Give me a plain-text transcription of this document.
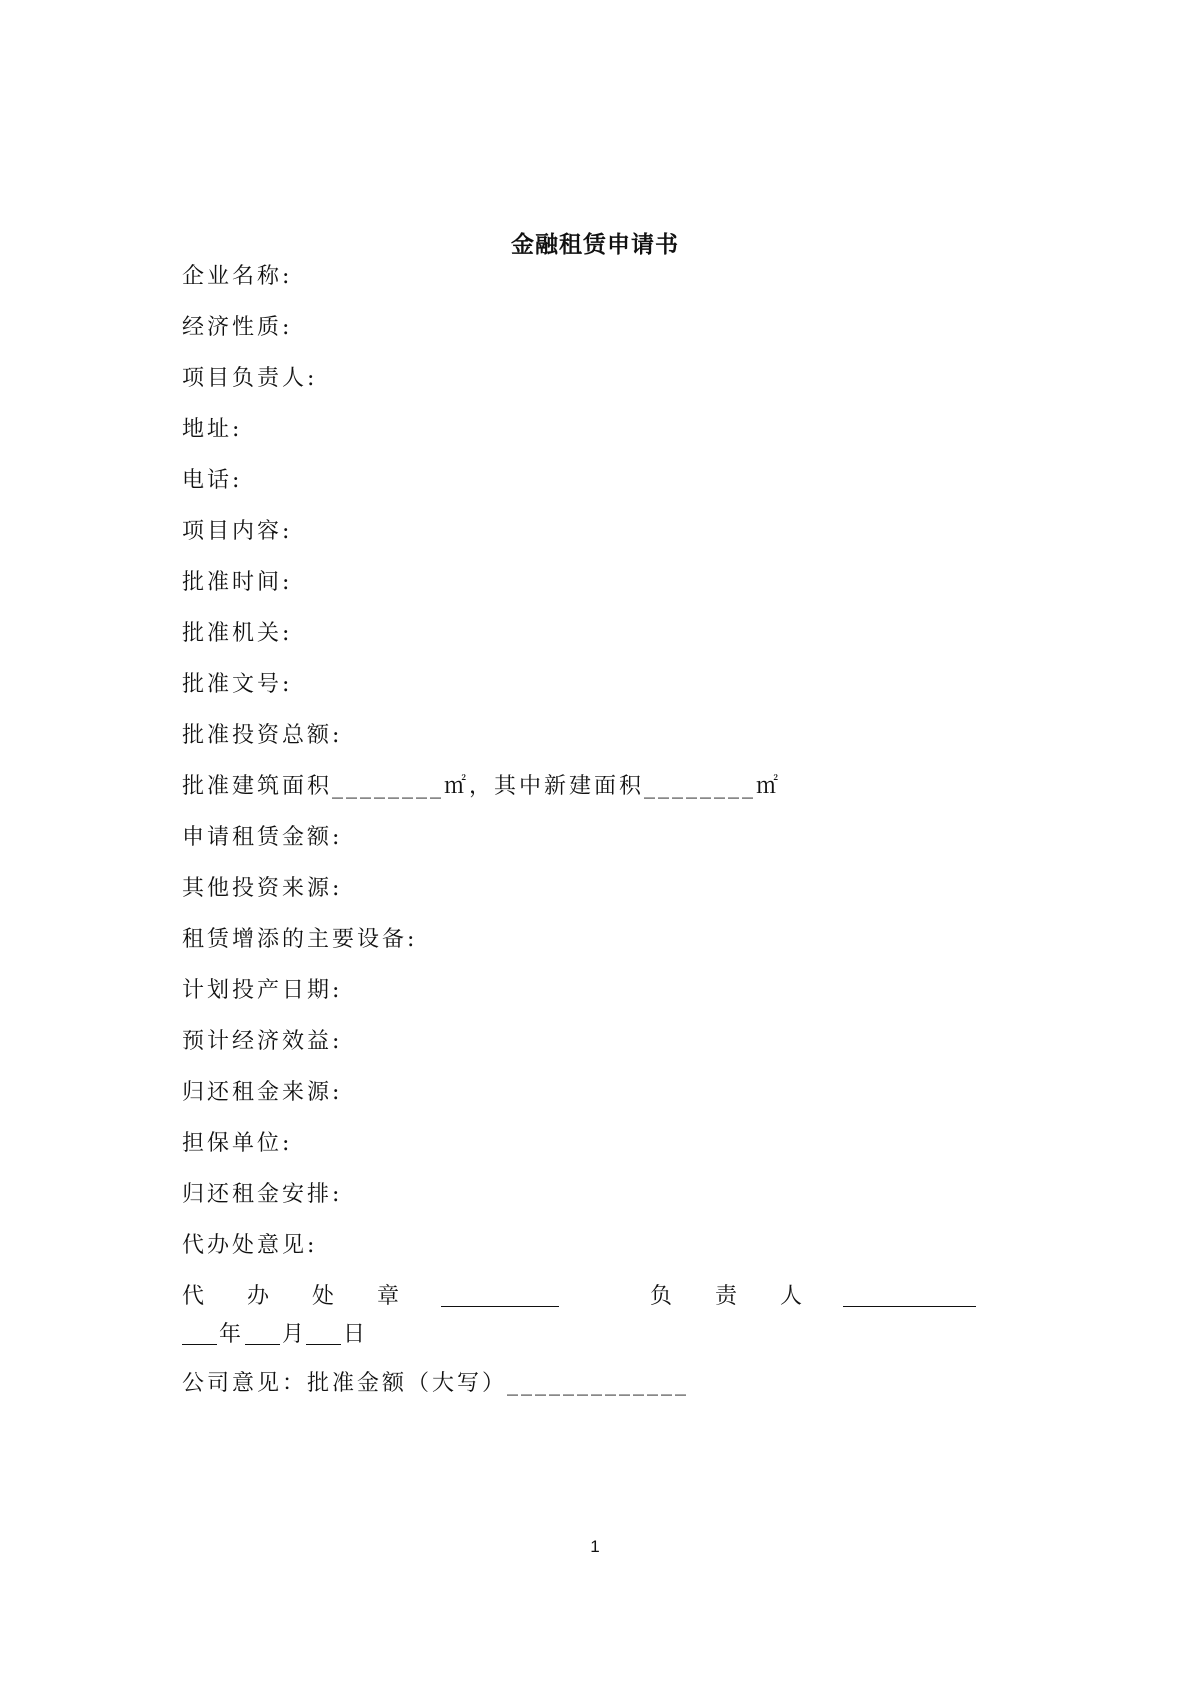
金融租赁申请书
企业名称:
经济性质:
项目负责人:
地址:
电话:
项目内容:
批准时间:
批准机关:
批准文号:
批准投资总额:
批准建筑面积________㎡，其中新建面积________㎡
申请租赁金额:
其他投资来源:
租赁增添的主要设备:
计划投产日期:
预计经济效益:
归还租金来源:
担保单位:
归还租金安排:
代办处意见:
代 办 处 章	负 责 人
年 月 日
公司意见：批准金额（大写）_____________
1
